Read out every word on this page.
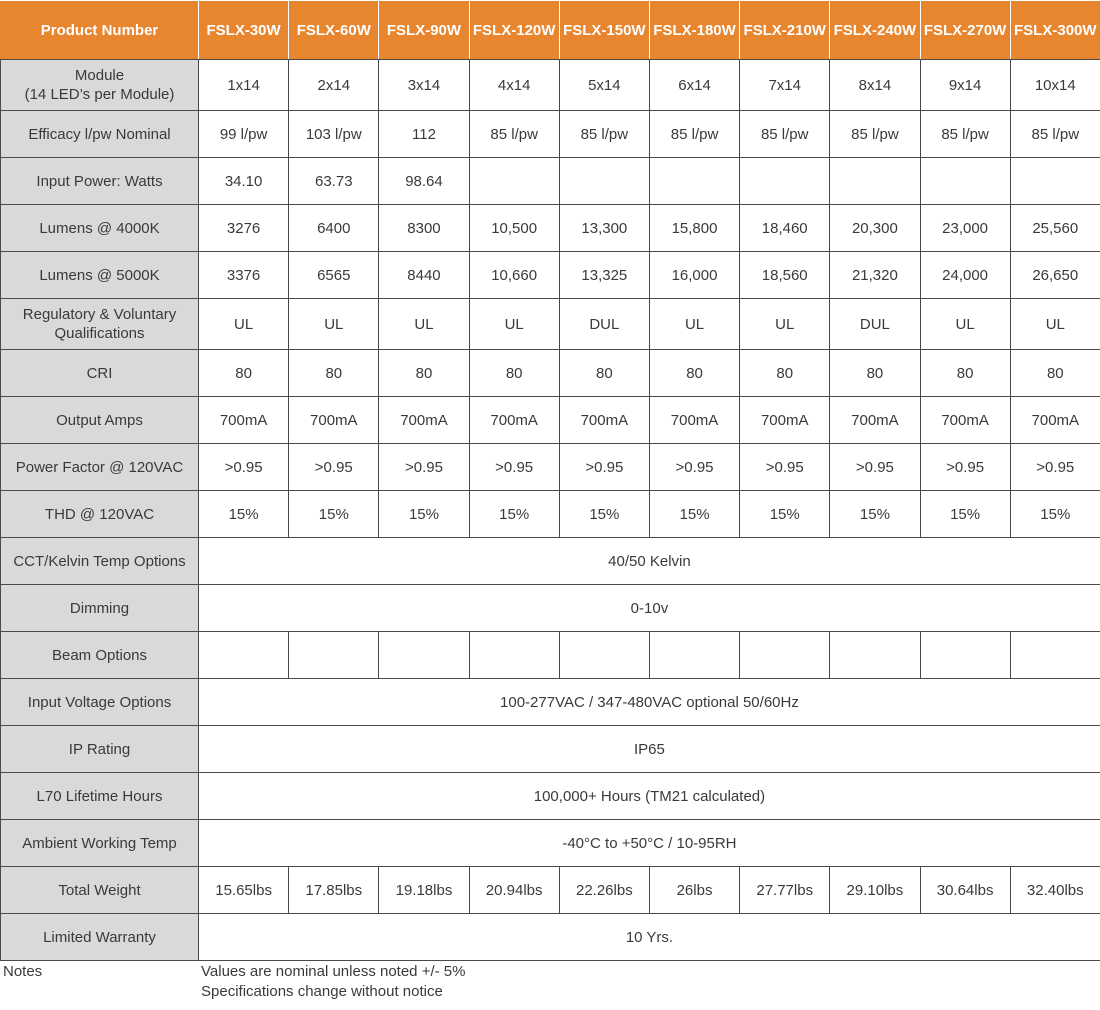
Product Number	FSLX-30W	FSLX-60W	FSLX-90W	FSLX-120W	FSLX-150W	FSLX-180W	FSLX-210W	FSLX-240W	FSLX-270W	FSLX-300W

Module
(14 LED’s per Module)	1x14	2x14	3x14	4x14	5x14	6x14	7x14	8x14	9x14	10x14
Efficacy l/pw Nominal	99 l/pw	103 l/pw	112	85 l/pw	85 l/pw	85 l/pw	85 l/pw	85 l/pw	85 l/pw	85 l/pw
Input Power: Watts	34.10	63.73	98.64							
Lumens @ 4000K	3276	6400	8300	10,500	13,300	15,800	18,460	20,300	23,000	25,560
Lumens @ 5000K	3376	6565	8440	10,660	13,325	16,000	18,560	21,320	24,000	26,650

Regulatory & Voluntary
Qualifications	UL	UL	UL	UL	DUL	UL	UL	DUL	UL	UL
CRI	80	80	80	80	80	80	80	80	80	80
Output Amps	700mA	700mA	700mA	700mA	700mA	700mA	700mA	700mA	700mA	700mA
Power Factor @ 120VAC	>0.95	>0.95	>0.95	>0.95	>0.95	>0.95	>0.95	>0.95	>0.95	>0.95
THD @ 120VAC	15%	15%	15%	15%	15%	15%	15%	15%	15%	15%
CCT/Kelvin Temp Options	40/50 Kelvin									
Dimming	0-10v									
Beam Options										
Input Voltage Options	100-277VAC / 347-480VAC optional 50/60Hz									
IP Rating	IP65									
L70 Lifetime Hours	100,000+ Hours (TM21 calculated)									
Ambient Working Temp	-40°C to +50°C / 10-95RH									
Total Weight	15.65lbs	17.85lbs	19.18lbs	20.94lbs	22.26lbs	26lbs	27.77lbs	29.10lbs	30.64lbs	32.40lbs
Limited Warranty	10 Yrs.									
Notes	Values are nominal unless noted +/- 5%
Specifications change without notice
